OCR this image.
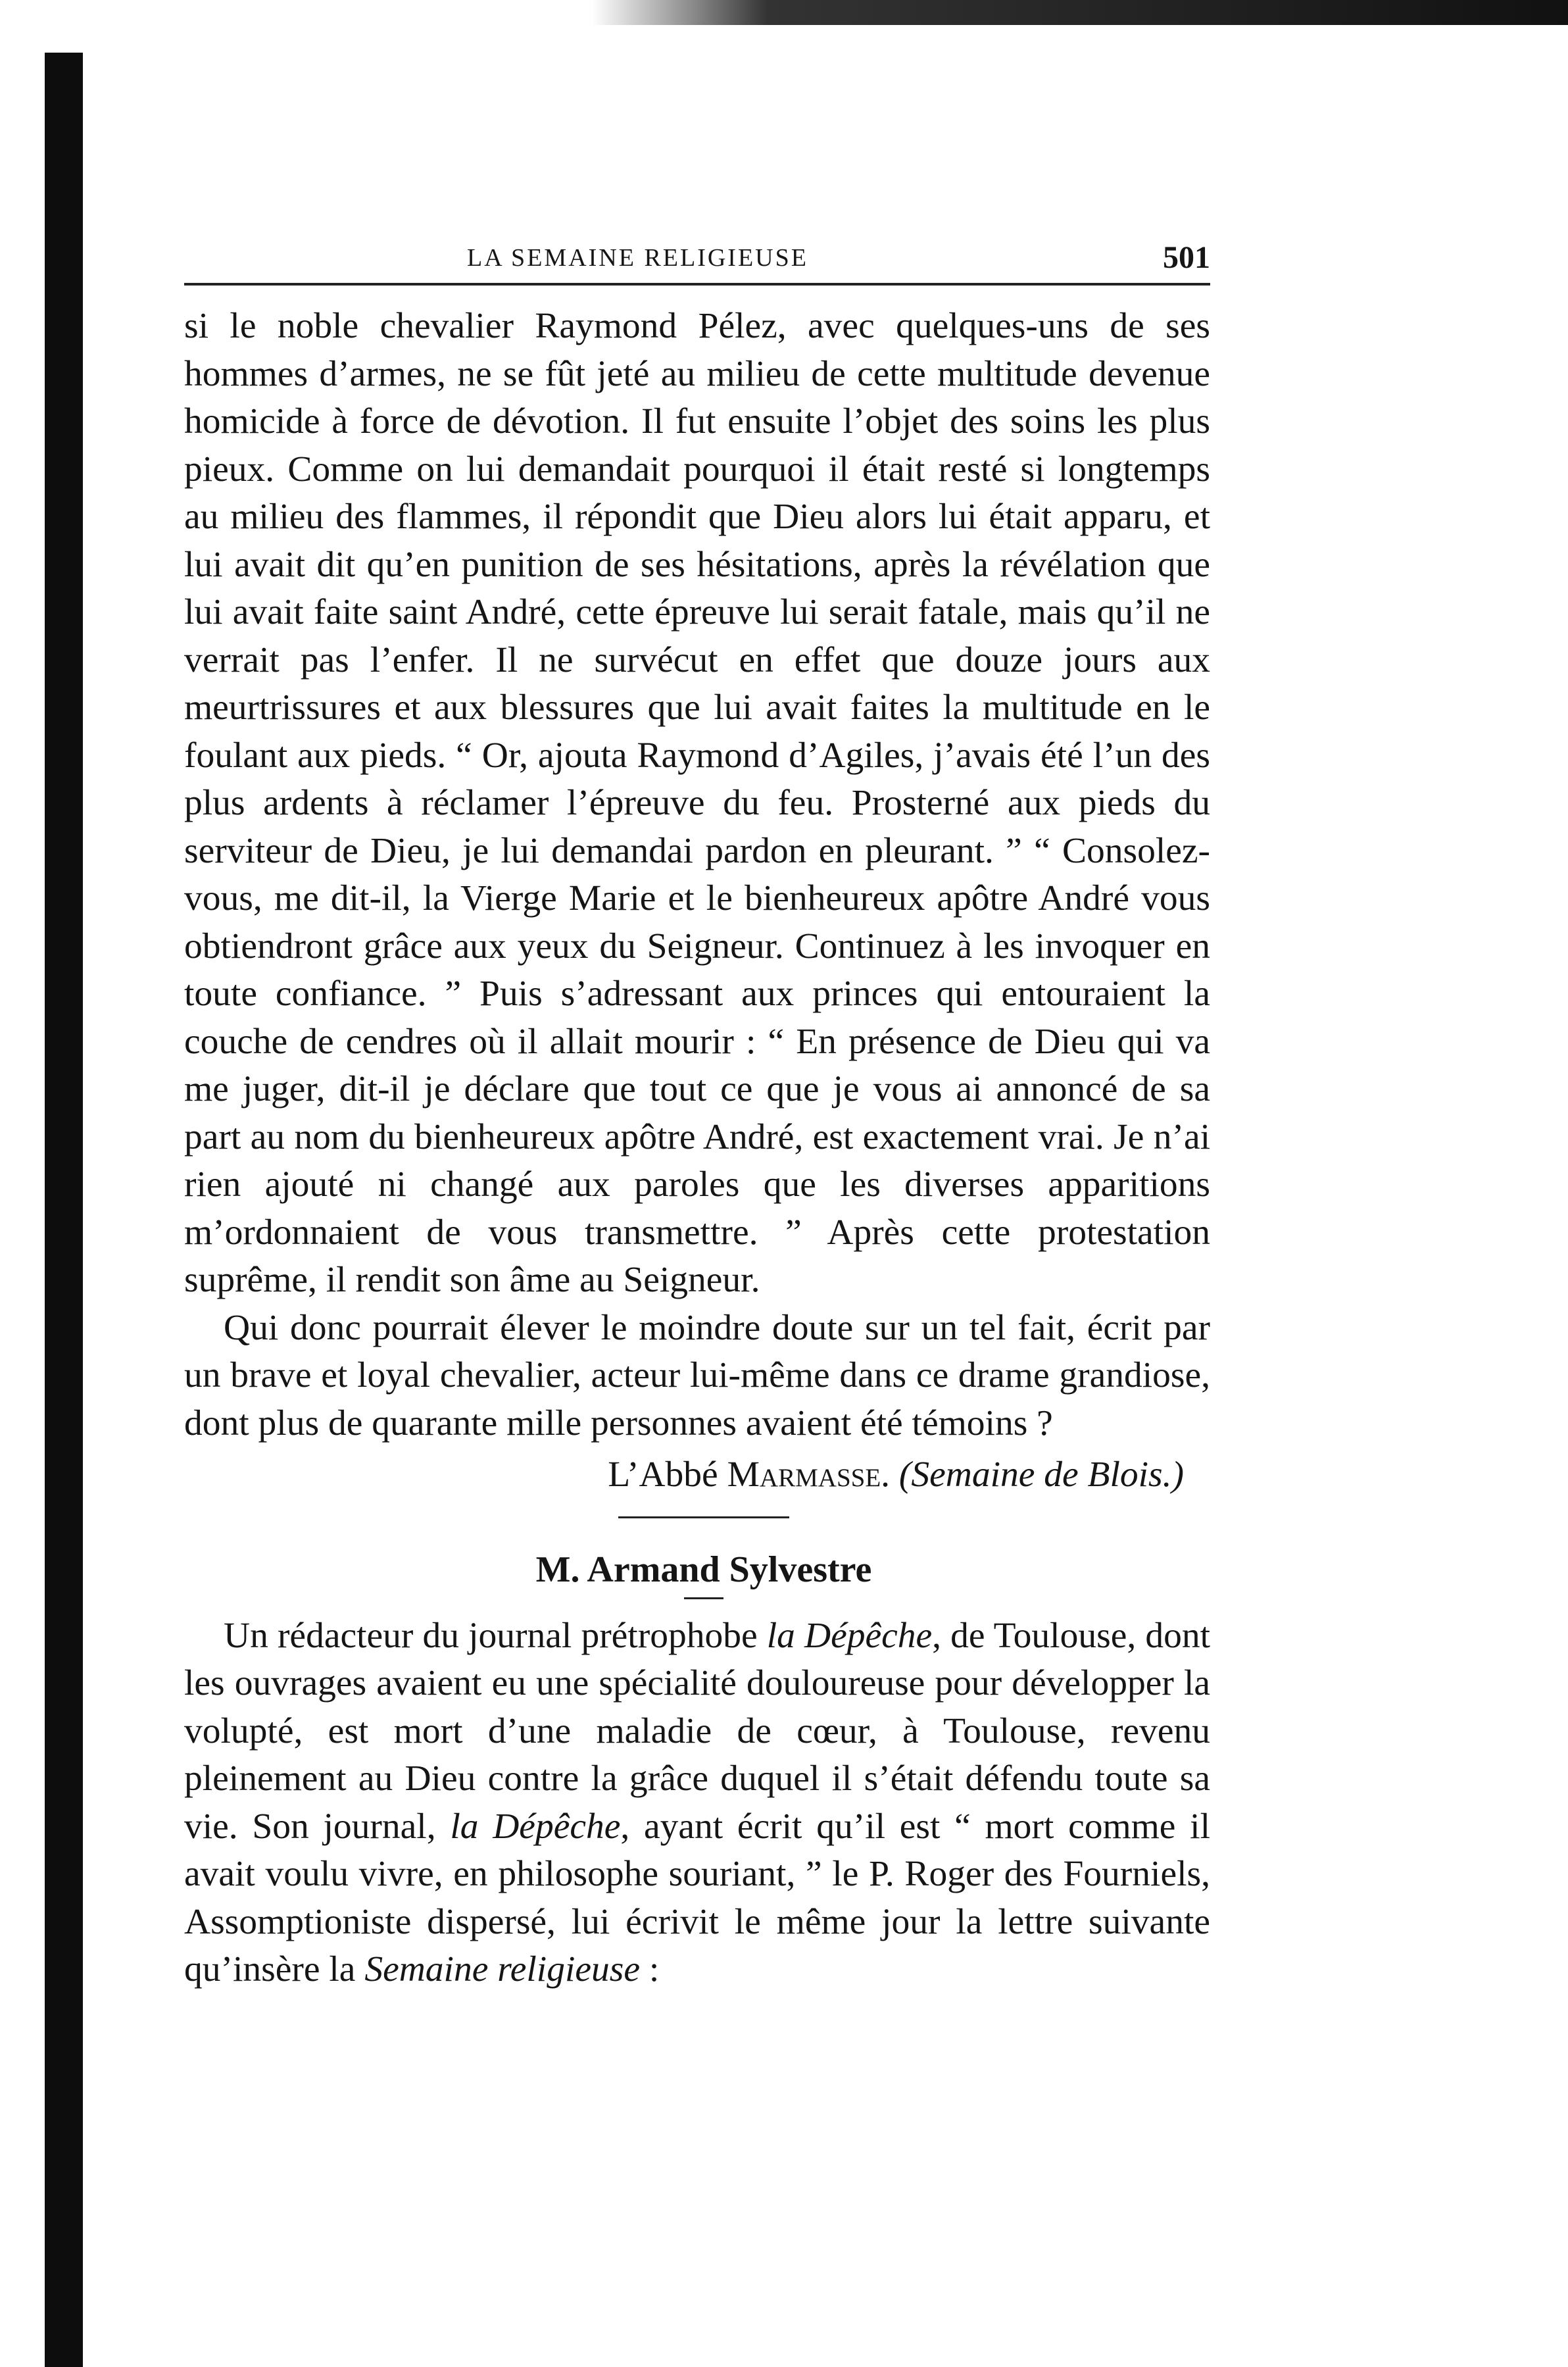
LA SEMAINE RELIGIEUSE	501

si le noble chevalier Raymond Pélez, avec quelques-uns de ses hommes d’armes, ne se fût jeté au milieu de cette multitude devenue homicide à force de dévotion. Il fut ensuite l’objet des soins les plus pieux. Comme on lui demandait pourquoi il était resté si longtemps au milieu des flammes, il répondit que Dieu alors lui était apparu, et lui avait dit qu’en punition de ses hésitations, après la révélation que lui avait faite saint André, cette épreuve lui serait fatale, mais qu’il ne verrait pas l’enfer. Il ne survécut en effet que douze jours aux meurtrissures et aux blessures que lui avait faites la multitude en le foulant aux pieds. “ Or, ajouta Raymond d’Agiles, j’avais été l’un des plus ardents à réclamer l’épreuve du feu. Prosterné aux pieds du serviteur de Dieu, je lui demandai pardon en pleurant. ” “ Consolez-vous, me dit-il, la Vierge Marie et le bienheureux apôtre André vous obtiendront grâce aux yeux du Seigneur. Continuez à les invoquer en toute confiance. ” Puis s’adressant aux princes qui entouraient la couche de cendres où il allait mourir : “ En présence de Dieu qui va me juger, dit-il je déclare que tout ce que je vous ai annoncé de sa part au nom du bienheureux apôtre André, est exactement vrai. Je n’ai rien ajouté ni changé aux paroles que les diverses apparitions m’ordonnaient de vous transmettre. ” Après cette protestation suprême, il rendit son âme au Seigneur.

Qui donc pourrait élever le moindre doute sur un tel fait, écrit par un brave et loyal chevalier, acteur lui-même dans ce drame grandiose, dont plus de quarante mille personnes avaient été témoins ?

L’Abbé Marmasse. (Semaine de Blois.)
M. Armand Sylvestre

Un rédacteur du journal prétrophobe la Dépêche, de Toulouse, dont les ouvrages avaient eu une spécialité douloureuse pour développer la volupté, est mort d’une maladie de cœur, à Toulouse, revenu pleinement au Dieu contre la grâce duquel il s’était défendu toute sa vie. Son journal, la Dépêche, ayant écrit qu’il est “ mort comme il avait voulu vivre, en philosophe souriant, ” le P. Roger des Fourniels, Assomptioniste dispersé, lui écrivit le même jour la lettre suivante qu’insère la Semaine religieuse :
